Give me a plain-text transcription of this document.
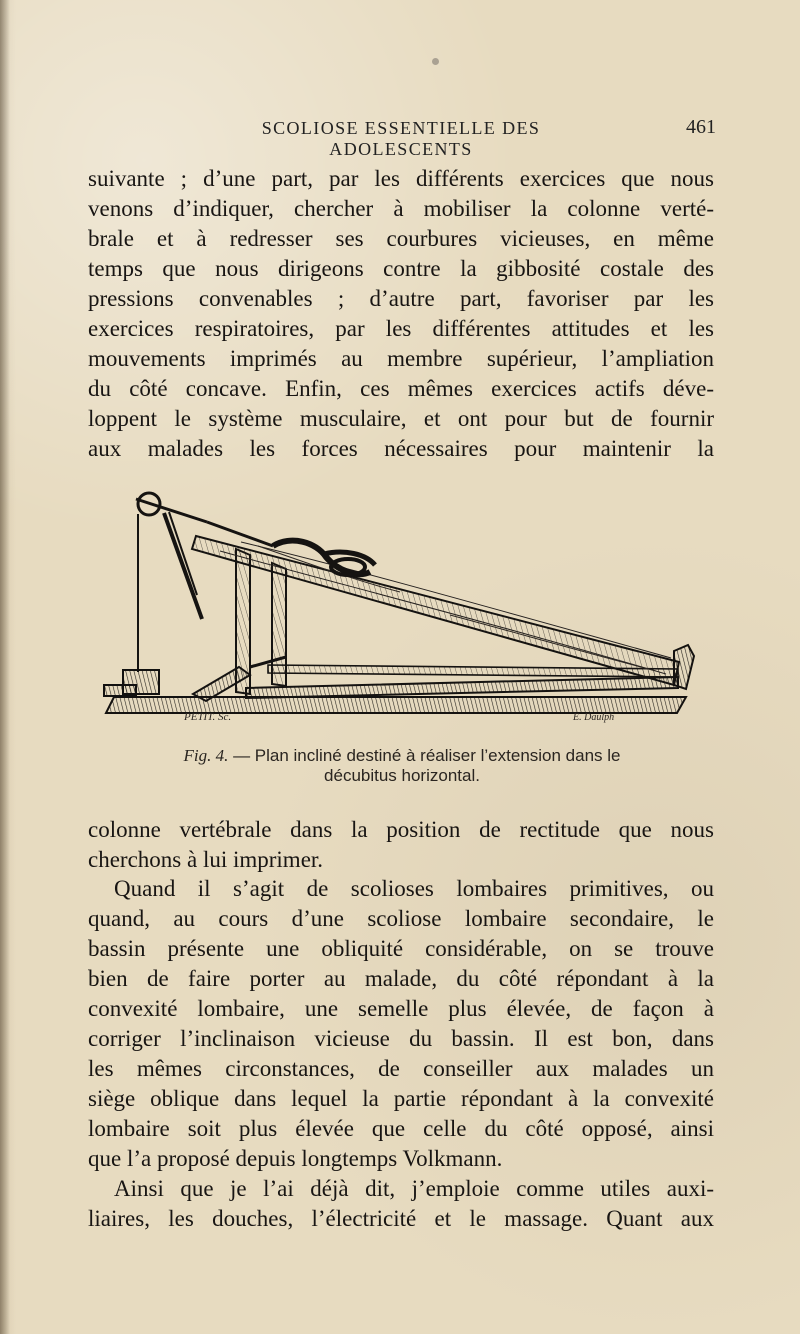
SCOLIOSE ESSENTIELLE DES ADOLESCENTS
461
suivante ; d’une part, par les différents exercices que nous
venons d’indiquer, chercher à mobiliser la colonne verté-
brale et à redresser ses courbures vicieuses, en même
temps que nous dirigeons contre la gibbosité costale des
pressions convenables ; d’autre part, favoriser par les
exercices respiratoires, par les différentes attitudes et les
mouvements imprimés au membre supérieur, l’ampliation
du côté concave. Enfin, ces mêmes exercices actifs déve-
loppent le système musculaire, et ont pour but de fournir
aux malades les forces nécessaires pour maintenir la
PETIT. Sc.	E. Daulph
Fig. 4. — Plan incliné destiné à réaliser l’extension dans le
décubitus horizontal.
colonne vertébrale dans la position de rectitude que nous
cherchons à lui imprimer.
Quand il s’agit de scolioses lombaires primitives, ou
quand, au cours d’une scoliose lombaire secondaire, le
bassin présente une obliquité considérable, on se trouve
bien de faire porter au malade, du côté répondant à la
convexité lombaire, une semelle plus élevée, de façon à
corriger l’inclinaison vicieuse du bassin. Il est bon, dans
les mêmes circonstances, de conseiller aux malades un
siège oblique dans lequel la partie répondant à la convexité
lombaire soit plus élevée que celle du côté opposé, ainsi
que l’a proposé depuis longtemps Volkmann.
Ainsi que je l’ai déjà dit, j’emploie comme utiles auxi-
liaires, les douches, l’électricité et le massage. Quant aux
